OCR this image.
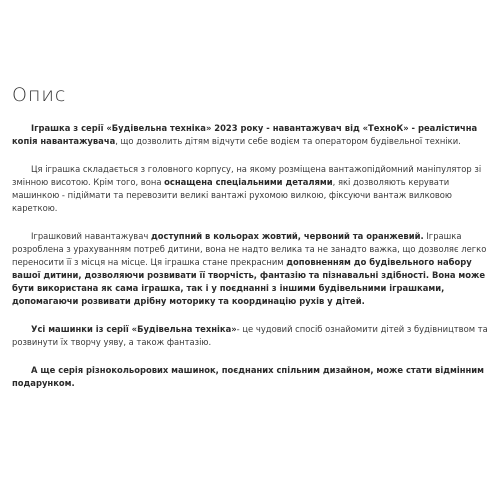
Опис

Іграшка з серії «Будівельна техніка» 2023 року - навантажувач від «ТехноК» - реалістична копія навантажувача, що дозволить дітям відчути себе водієм та оператором будівельної техніки.

Ця іграшка складається з головного корпусу, на якому розміщена вантажопідйомний маніпулятор зі змінною висотою. Крім того, вона оснащена спеціальними деталями, які дозволяють керувати машинкою - підіймати та перевозити великі вантажі рухомою вилкою, фіксуючи вантаж вилковою кареткою.

Іграшковий навантажувач доступний в кольорах жовтий, червоний та оранжевий. Іграшка розроблена з урахуванням потреб дитини, вона не надто велика та не занадто важка, що дозволяє легко переносити її з місця на місце. Ця іграшка стане прекрасним доповненням до будівельного набору вашої дитини, дозволяючи розвивати її творчість, фантазію та пізнавальні здібності. Вона може бути використана як сама іграшка, так і у поєднанні з іншими будівельними іграшками, допомагаючи розвивати дрібну моторику та координацію рухів у дітей.

Усі машинки із серії «Будівельна техніка»- це чудовий спосіб ознайомити дітей з будівництвом та розвинути їх творчу уяву, а також фантазію.

А ще серія різнокольорових машинок, поєднаних спільним дизайном, може стати відмінним подарунком.
